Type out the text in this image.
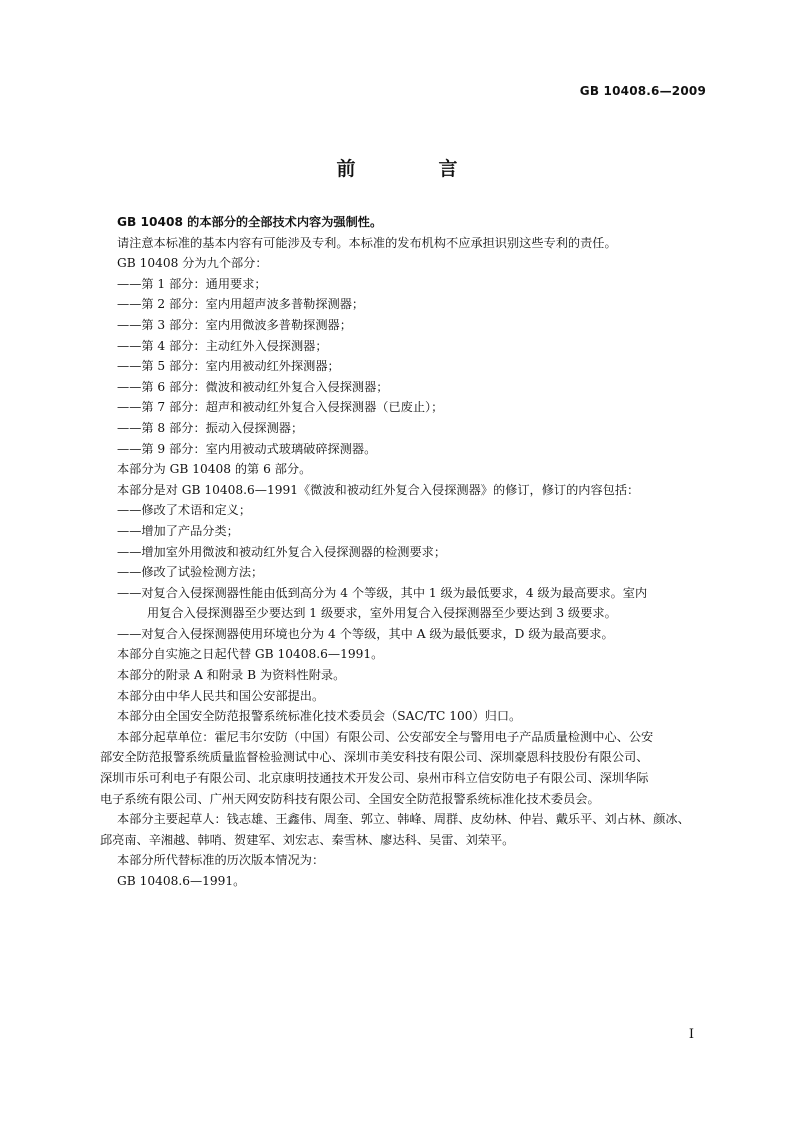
GB 10408.6—2009
前　言
GB 10408 的本部分的全部技术内容为强制性。
请注意本标准的基本内容有可能涉及专利。本标准的发布机构不应承担识别这些专利的责任。
GB 10408 分为九个部分：
——第 1 部分：通用要求；
——第 2 部分：室内用超声波多普勒探测器；
——第 3 部分：室内用微波多普勒探测器；
——第 4 部分：主动红外入侵探测器；
——第 5 部分：室内用被动红外探测器；
——第 6 部分：微波和被动红外复合入侵探测器；
——第 7 部分：超声和被动红外复合入侵探测器（已废止）；
——第 8 部分：振动入侵探测器；
——第 9 部分：室内用被动式玻璃破碎探测器。
本部分为 GB 10408 的第 6 部分。
本部分是对 GB 10408.6—1991《微波和被动红外复合入侵探测器》的修订，修订的内容包括：
——修改了术语和定义；
——增加了产品分类；
——增加室外用微波和被动红外复合入侵探测器的检测要求；
——修改了试验检测方法；
——对复合入侵探测器性能由低到高分为 4 个等级，其中 1 级为最低要求，4 级为最高要求。室内
用复合入侵探测器至少要达到 1 级要求，室外用复合入侵探测器至少要达到 3 级要求。
——对复合入侵探测器使用环境也分为 4 个等级，其中 A 级为最低要求，D 级为最高要求。
本部分自实施之日起代替 GB 10408.6—1991。
本部分的附录 A 和附录 B 为资料性附录。
本部分由中华人民共和国公安部提出。
本部分由全国安全防范报警系统标准化技术委员会（SAC/TC 100）归口。
本部分起草单位：霍尼韦尔安防（中国）有限公司、公安部安全与警用电子产品质量检测中心、公安
部安全防范报警系统质量监督检验测试中心、深圳市美安科技有限公司、深圳豪恩科技股份有限公司、
深圳市乐可利电子有限公司、北京康明技通技术开发公司、泉州市科立信安防电子有限公司、深圳华际
电子系统有限公司、广州天网安防科技有限公司、全国安全防范报警系统标准化技术委员会。
本部分主要起草人：钱志雄、王鑫伟、周奎、郭立、韩峰、周群、皮幼林、仲岩、戴乐平、刘占林、颜冰、
邱亮南、辛湘越、韩哨、贺建军、刘宏志、秦雪林、廖达科、吴雷、刘荣平。
本部分所代替标准的历次版本情况为：
GB 10408.6—1991。
I
